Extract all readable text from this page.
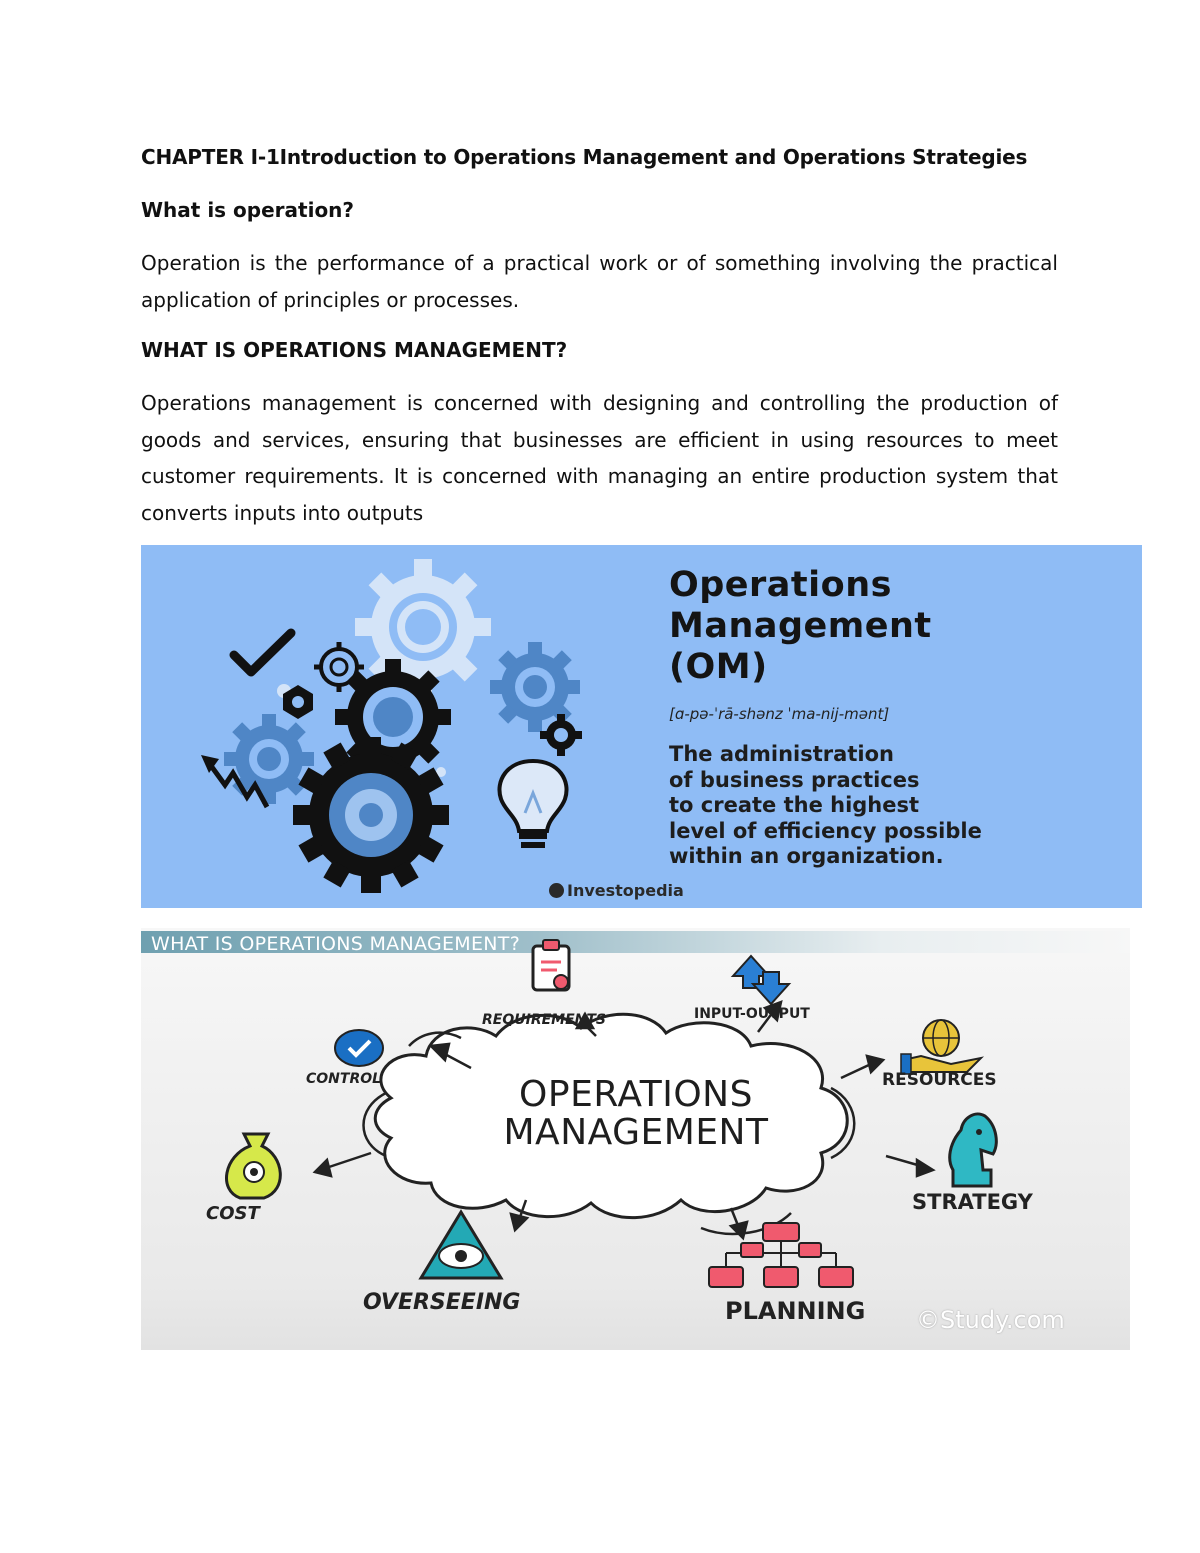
CHAPTER I-1Introduction to Operations Management and Operations Strategies
What is operation?

Operation is the performance of a practical work or of something involving the practical application of principles or processes.

WHAT IS OPERATIONS MANAGEMENT?

Operations management is concerned with designing and controlling the production of goods and services, ensuring that businesses are efficient in using resources to meet customer requirements. It is concerned with managing an entire production system that converts inputs into outputs

Operations
Management
(OM)
[ɑ-pə-ˈrā-shənz ˈma-nij-mənt]
The administration
of business practices
to create the highest
level of efficiency possible
within an organization.
Investopedia
WHAT IS OPERATIONS MANAGEMENT?
OPERATIONS
MANAGEMENT
REQUIREMENTS	INPUT-OUTPUT
CONTROL	RESOURCES
COST	STRATEGY
OVERSEEING	PLANNING ©Study.com
